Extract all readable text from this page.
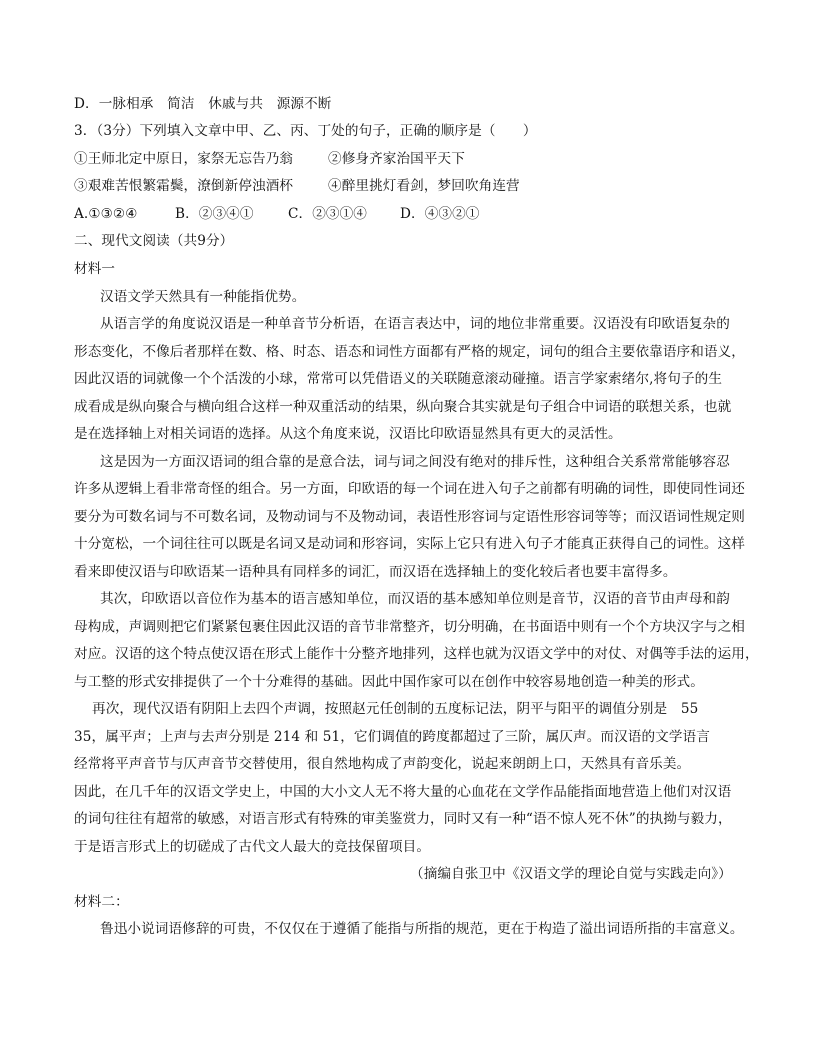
D．一脉相承　简洁　休戚与共　源源不断
3．（3分）下列填入文章中甲、乙、丙、丁处的句子，正确的顺序是（　　）
①王师北定中原日，家祭无忘告乃翁	②修身齐家治国平天下
③艰难苦恨繁霜鬓，潦倒新停浊酒杯	④醉里挑灯看剑，梦回吹角连营
A.①③②④	B．②③④①	C．②③①④ D．④③②①
二、现代文阅读（共9分）
材料一
汉语文学天然具有一种能指优势。
从语言学的角度说汉语是一种单音节分析语，在语言表达中，词的地位非常重要。汉语没有印欧语复杂的
形态变化，不像后者那样在数、格、时态、语态和词性方面都有严格的规定，词句的组合主要依靠语序和语义，
因此汉语的词就像一个个活泼的小球，常常可以凭借语义的关联随意滚动碰撞。语言学家索绪尔,将句子的生
成看成是纵向聚合与横向组合这样一种双重活动的结果，纵向聚合其实就是句子组合中词语的联想关系，也就
是在选择轴上对相关词语的选择。从这个角度来说，汉语比印欧语显然具有更大的灵活性。
这是因为一方面汉语词的组合靠的是意合法，词与词之间没有绝对的排斥性，这种组合关系常常能够容忍
许多从逻辑上看非常奇怪的组合。另一方面，印欧语的每一个词在进入句子之前都有明确的词性，即使同性词还
要分为可数名词与不可数名词，及物动词与不及物动词，表语性形容词与定语性形容词等等；而汉语词性规定则
十分宽松，一个词往往可以既是名词又是动词和形容词，实际上它只有进入句子才能真正获得自己的词性。这样
看来即使汉语与印欧语某一语种具有同样多的词汇，而汉语在选择轴上的变化较后者也要丰富得多。
其次，印欧语以音位作为基本的语言感知单位，而汉语的基本感知单位则是音节，汉语的音节由声母和韵
母构成，声调则把它们紧紧包裹住因此汉语的音节非常整齐，切分明确，在书面语中则有一个个方块汉字与之相
对应。汉语的这个特点使汉语在形式上能作十分整齐地排列，这样也就为汉语文学中的对仗、对偶等手法的运用，
与工整的形式安排提供了一个十分难得的基础。因此中国作家可以在创作中较容易地创造一种美的形式。
再次，现代汉语有阴阳上去四个声调，按照赵元任创制的五度标记法，阴平与阳平的调值分别是　55
35，属平声；上声与去声分别是 214 和 51，它们调值的跨度都超过了三阶，属仄声。而汉语的文学语言
经常将平声音节与仄声音节交替使用，很自然地构成了声韵变化，说起来朗朗上口，天然具有音乐美。
因此，在几千年的汉语文学史上，中国的大小文人无不将大量的心血花在文学作品能指面地营造上他们对汉语
的词句往往有超常的敏感，对语言形式有特殊的审美鉴赏力，同时又有一种“语不惊人死不休”的执拗与毅力，
于是语言形式上的切磋成了古代文人最大的竞技保留项目。
（摘编自张卫中《汉语文学的理论自觉与实践走向》）
材料二：
鲁迅小说词语修辞的可贵，不仅仅在于遵循了能指与所指的规范，更在于构造了溢出词语所指的丰富意义。
